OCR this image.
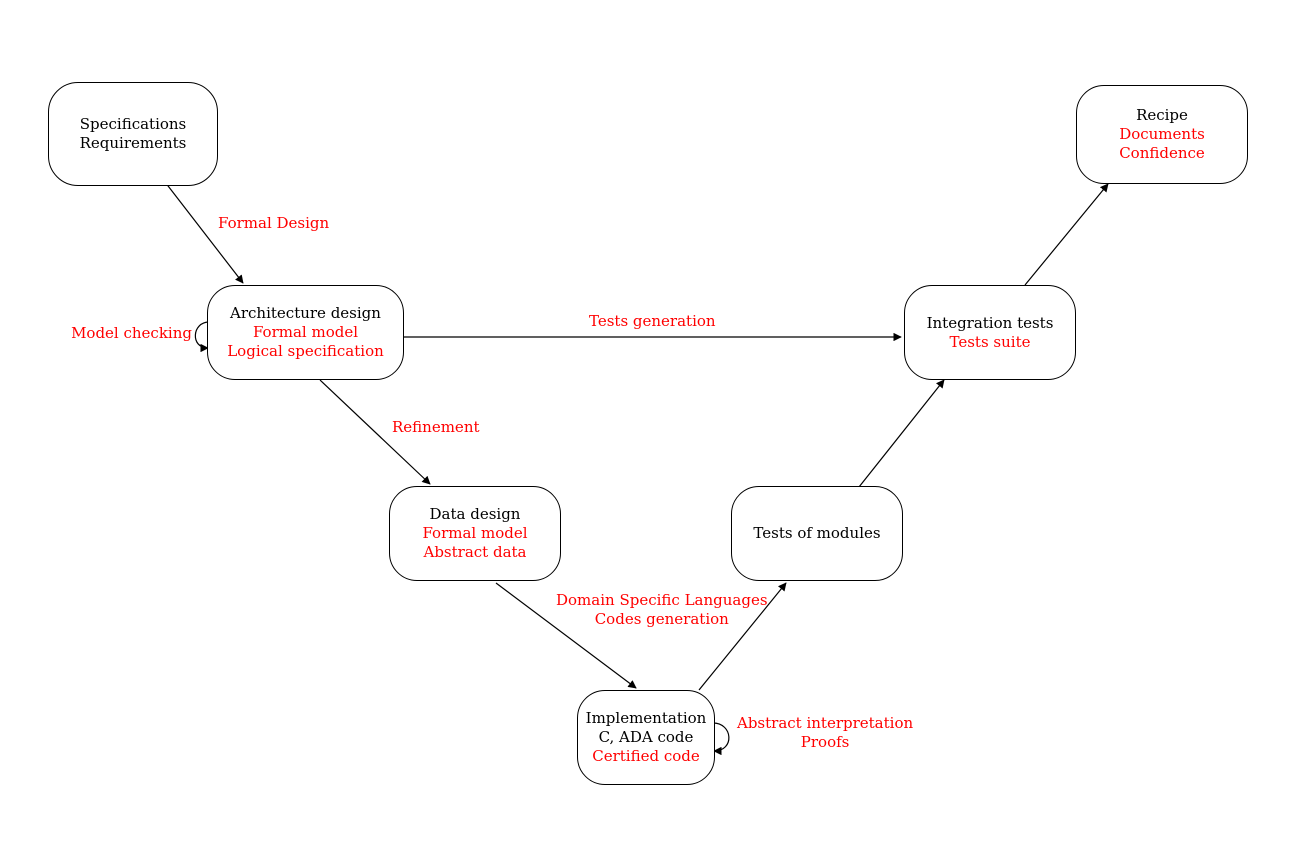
Specifications
Requirements
Architecture design
Formal model
Logical specification
Data design
Formal model
Abstract data
Implementation
C, ADA code
Certified code
Tests of modules
Integration tests
Tests suite
Recipe
Documents
Confidence
Formal Design
Model checking
Tests generation
Refinement
Domain Specific Languages
Codes generation
Abstract interpretation
Proofs
